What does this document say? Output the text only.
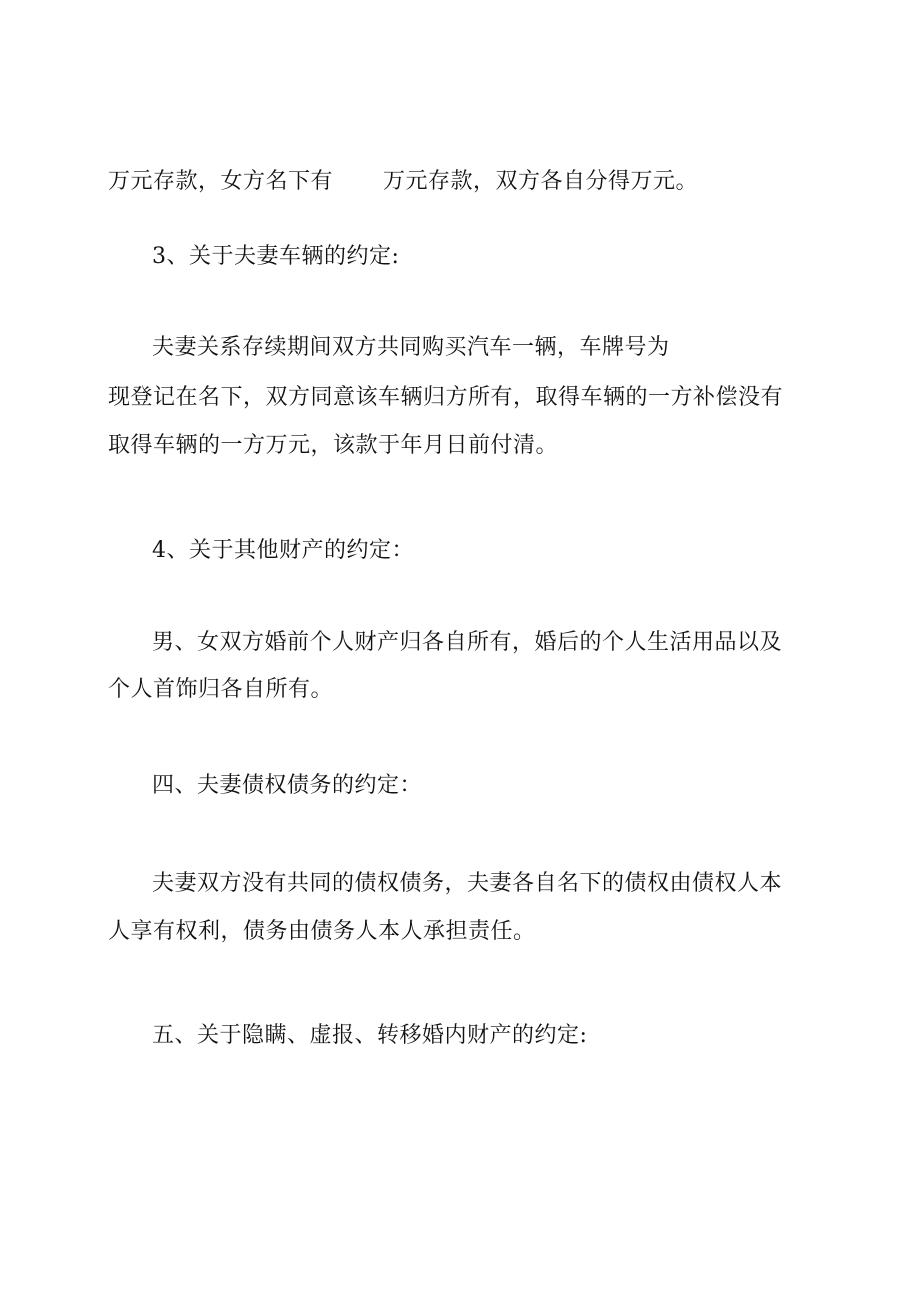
万元存款，女方名下有 万元存款，双方各自分得万元。
3、关于夫妻车辆的约定:
夫妻关系存续期间双方共同购买汽车一辆，车牌号为
现登记在名下，双方同意该车辆归方所有，取得车辆的一方补偿没有
取得车辆的一方万元，该款于年月日前付清。
4、关于其他财产的约定：
男、女双方婚前个人财产归各自所有，婚后的个人生活用品以及
个人首饰归各自所有。
四、夫妻债权债务的约定：
夫妻双方没有共同的债权债务，夫妻各自名下的债权由债权人本
人享有权利，债务由债务人本人承担责任。
五、关于隐瞒、虚报、转移婚内财产的约定:
